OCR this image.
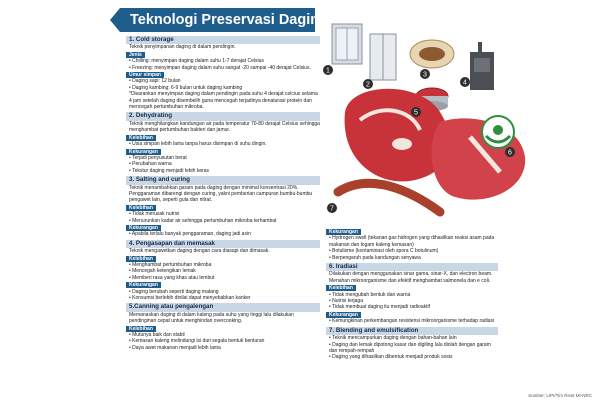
Teknologi Preservasi Daging
1. Cold storage
Teknik penyimpanan daging di dalam pendingin.
Jenis
• Chilling: menyimpan daging dalam suhu 1-7 derajat Celsius
• Freezing: menyimpan daging dalam suhu sangat -20 sampai -40 derajat Celsius.
Umur simpan
• Daging sapi: 12 bulan
• Daging kambing: 6-9 bulan untuk daging kambing
*Disarankan menyimpan daging dalam pendingin pada suhu 4 derajat celcius selama 4 jam setelah daging disembelih guna mencegah terjadinya denaturasi protein dan mencegah pertumbuhan mikroba.
2. Dehydrating
Teknik menghilangkan kandungan air pada temperatur 70-80 derajat Celsius sehingga menghambat pertumbuhan bakteri dan jamur.
Kelebihan
• Usia simpan lebih lama tanpa harus disimpan di suhu dingin.
Kekurangan
• Terjadi penyusutan berat
• Perubahan warna
• Tekstur daging menjadi lebih keras
3. Salting and curing
Teknik menambahkan garam pada daging dengan minimal konsentrasi 20%. Penggaraman dibarengi dengan curing, yakni pemberian campuran bumbu-bumbu pengawet lain, seperti gula dan nitrat.
Kelebihan
• Tidak merusak nutrisi
• Menurunkan kadar air sehingga pertumbuhan mikroba terhambat
Kekurangan
• Apabila terlalu banyak penggaraman, daging jadi asin
4. Pengasapan dan memasak
Teknik mengawetkan daging dengan cara diasapi dan dimasak.
Kelebihan
• Menghambat pertumbuhan mikroba
• Mencegah ketengikan lemak
• Memberi rasa yang khas atau lembut
Kekurangan
• Daging berubah seperti daging matang
• Konsumsi berlebih dinilai dapat menyebabkan kanker
5.Canning atau pengalengan
Memanaskan daging di dalam kaleng pada suhu yang tinggi lalu dilakukan pendinginan cepat untuk menghindari overcooking.
Kelebihan
• Mutunya baik dan stabil
• Kemasan kaleng melindungi isi dari segala bentuk benturan
• Daya awet makanan menjadi lebih lama
1
2
3
4
5
6
7
Kekurangan
• Hydrogen swell (tekanan gas hidrogen yang dihasilkan reaksi asam pada makanan dan logam kaleng kemasan)
• Botulisme (kontaminasi oleh spora C botulinum)
• Berpengaruh pada kandungan senyawa
6. Iradiasi
Dilakukan dengan menggunakan sinar gama, sinar-X, dan electron beam. Menahan mikroorganisme dan efektif menghambat salmonela dan e coli.
Kelebihan
• Tidak mengubah bentuk dan warna
• Nutrisi terjaga
• Tidak membuat daging itu menjadi radioaktif
Kekurangan
• Kemungkinan perkembangan resistensi mikroorganisme terhadap radiasi
7. Blending and emulsification
• Teknik mencampurkan daging dengan bahan-bahan lain
• Daging dan lemak dipotong kasar dan digiling lalu diolah dengan garam dan rempah-rempah
• Daging yang dihasilkan dibentuk menjadi produk sosis
Sumber: LIPI/Tim Riset Mt-NRC
